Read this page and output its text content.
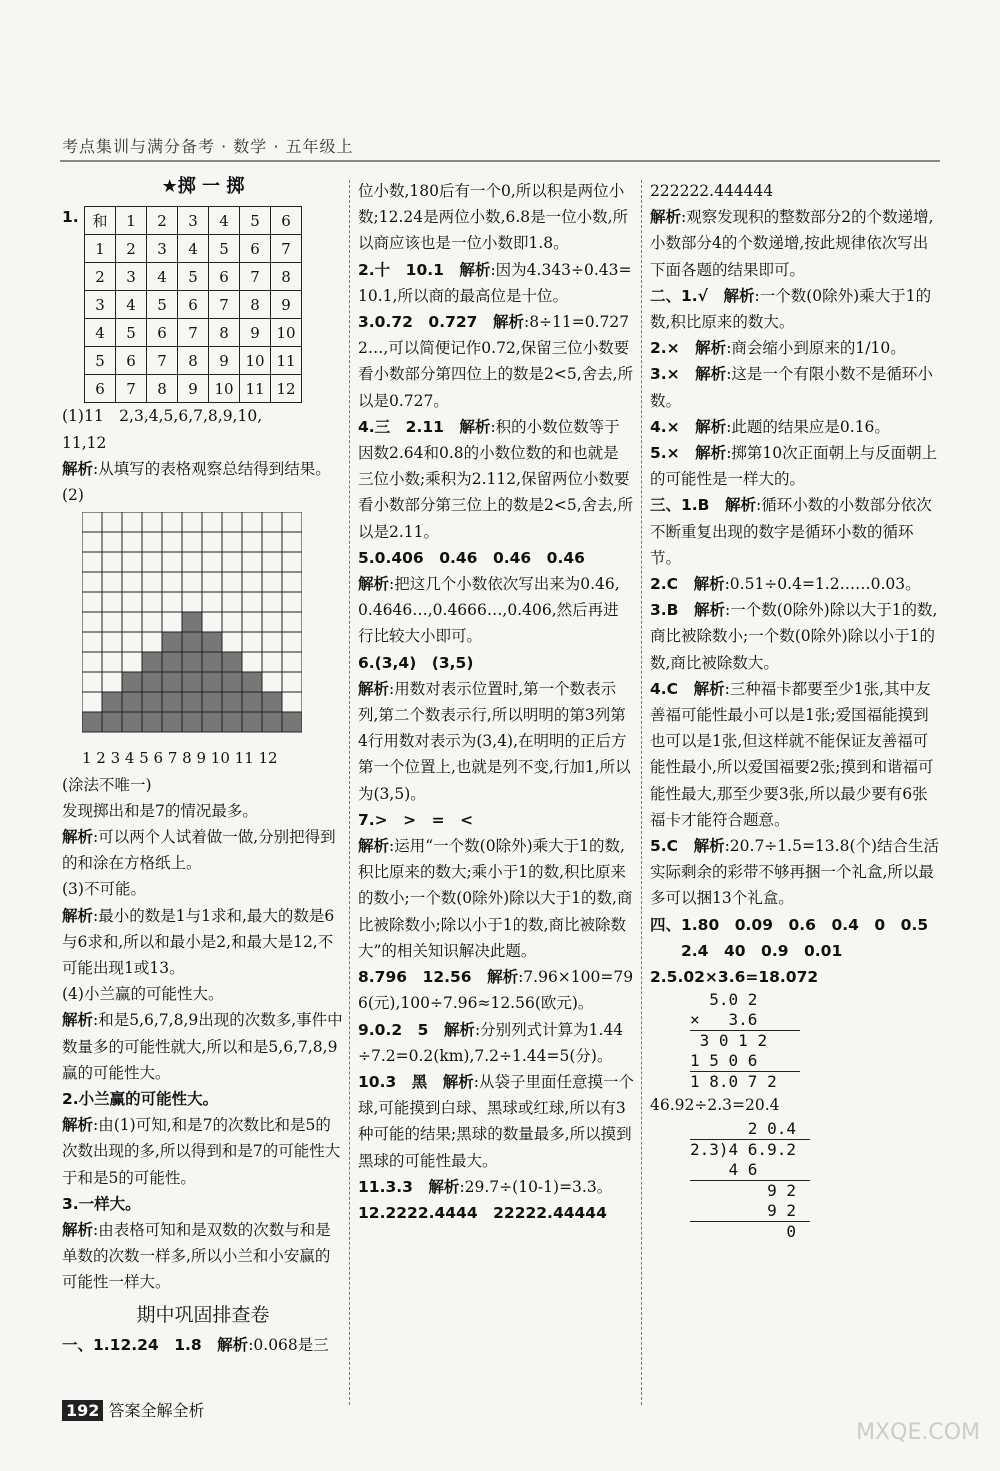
考点集训与满分备考 · 数学 · 五年级上
★掷 一 掷
1. 和	1	2	3	4	5	6
1	2	3	4	5	6	7
2	3	4	5	6	7	8
3	4	5	6	7	8	9
4	5	6	7	8	9	10
5	6	7	8	9	10	11
6	7	8	9	10	11	12

(1)11　2,3,4,5,6,7,8,9,10,

11,12

解析:从填写的表格观察总结得到结果。

(2)

1 2 3 4 5 6 7 8 9 10 11 12

(涂法不唯一)

发现掷出和是7的情况最多。

解析:可以两个人试着做一做,分别把得到的和涂在方格纸上。

(3)不可能。

解析:最小的数是1与1求和,最大的数是6与6求和,所以和最小是2,和最大是12,不可能出现1或13。

(4)小兰赢的可能性大。

解析:和是5,6,7,8,9出现的次数多,事件中数量多的可能性就大,所以和是5,6,7,8,9赢的可能性大。

2.小兰赢的可能性大。

解析:由(1)可知,和是7的次数比和是5的次数出现的多,所以得到和是7的可能性大于和是5的可能性。

3.一样大。

解析:由表格可知和是双数的次数与和是单数的次数一样多,所以小兰和小安赢的可能性一样大。

期中巩固排查卷

一、1.12.24　1.8　解析:0.068是三

位小数,180后有一个0,所以积是两位小数;12.24是两位小数,6.8是一位小数,所以商应该也是一位小数即1.8。

2.十　10.1　解析:因为4.343÷0.43=10.1,所以商的最高位是十位。

3.0.72　0.727　解析:8÷11=0.7272…,可以简便记作0.72,保留三位小数要看小数部分第四位上的数是2<5,舍去,所以是0.727。

4.三　2.11　解析:积的小数位数等于因数2.64和0.8的小数位数的和也就是三位小数;乘积为2.112,保留两位小数要看小数部分第三位上的数是2<5,舍去,所以是2.11。

5.0.406　0.46　0.46　0.46

解析:把这几个小数依次写出来为0.46,0.4646…,0.4666…,0.406,然后再进行比较大小即可。

6.(3,4)　(3,5)

解析:用数对表示位置时,第一个数表示列,第二个数表示行,所以明明的第3列第4行用数对表示为(3,4),在明明的正后方第一个位置上,也就是列不变,行加1,所以为(3,5)。

7.>　>　=　<

解析:运用“一个数(0除外)乘大于1的数,积比原来的数大;乘小于1的数,积比原来的数小;一个数(0除外)除以大于1的数,商比被除数小;除以小于1的数,商比被除数大”的相关知识解决此题。

8.796　12.56　解析:7.96×100=796(元),100÷7.96≈12.56(欧元)。

9.0.2　5　解析:分别列式计算为1.44÷7.2=0.2(km),7.2÷1.44=5(分)。

10.3　黑　解析:从袋子里面任意摸一个球,可能摸到白球、黑球或红球,所以有3种可能的结果;黑球的数量最多,所以摸到黑球的可能性最大。

11.3.3　解析:29.7÷(10-1)=3.3。

12.2222.4444　22222.44444

222222.444444

解析:观察发现积的整数部分2的个数递增,小数部分4的个数递增,按此规律依次写出下面各题的结果即可。

二、1.√　解析:一个数(0除外)乘大于1的数,积比原来的数大。

2.×　解析:商会缩小到原来的1/10。

3.×　解析:这是一个有限小数不是循环小数。

4.×　解析:此题的结果应是0.16。

5.×　解析:掷第10次正面朝上与反面朝上的可能性是一样大的。

三、1.B　解析:循环小数的小数部分依次不断重复出现的数字是循环小数的循环节。

2.C　解析:0.51÷0.4=1.2……0.03。

3.B　解析:一个数(0除外)除以大于1的数,商比被除数小;一个数(0除外)除以小于1的数,商比被除数大。

4.C　解析:三种福卡都要至少1张,其中友善福可能性最小可以是1张;爱国福能摸到也可以是1张,但这样就不能保证友善福可能性最小,所以爱国福要2张;摸到和谐福可能性最大,那至少要3张,所以最少要有6张福卡才能符合题意。

5.C　解析:20.7÷1.5=13.8(个)结合生活实际剩余的彩带不够再捆一个礼盒,所以最多可以捆13个礼盒。

四、1.80　0.09　0.6　0.4　0　0.5

　　2.4　40　0.9　0.01

2.5.02×3.6=18.072

5.0 2
×   3.6
3 0 1 2
1 5 0 6
1 8.0 7 2

46.92÷2.3=20.4

2 0.4
2.3)4 6.9.2
4 6
9 2
9 2
0
192 答案全解全析
MXQE.COM
